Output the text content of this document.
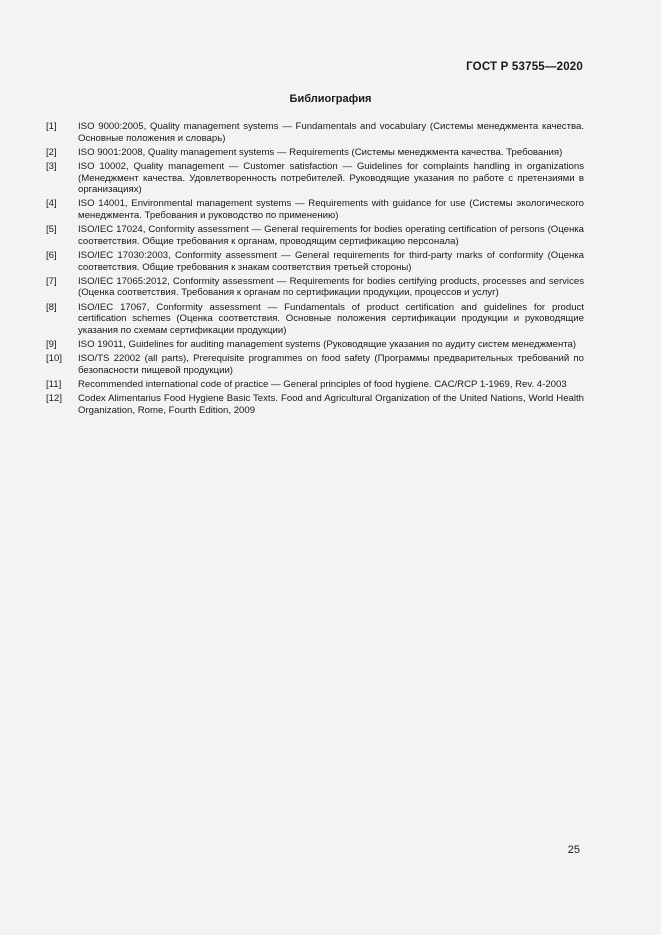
ГОСТ Р 53755—2020
Библиография
[1]	ISO 9000:2005, Quality management systems — Fundamentals and vocabulary (Системы менеджмента качества. Основные положения и словарь)
[2]	ISO 9001:2008, Quality management systems — Requirements (Системы менеджмента качества. Требования)
[3]	ISO 10002, Quality management — Customer satisfaction — Guidelines for complaints handling in organizations (Менеджмент качества. Удовлетворенность потребителей. Руководящие указания по работе с претензиями в организациях)
[4]	ISO 14001, Environmental management systems — Requirements with guidance for use (Системы экологического менеджмента. Требования и руководство по применению)
[5]	ISO/IEC 17024, Conformity assessment — General requirements for bodies operating certification of persons (Оценка соответствия. Общие требования к органам, проводящим сертификацию персонала)
[6]	ISO/IEC 17030:2003, Conformity assessment — General requirements for third-party marks of conformity (Оценка соответствия. Общие требования к знакам соответствия третьей стороны)
[7]	ISO/IEC 17065:2012, Conformity assessment — Requirements for bodies certifying products, processes and services (Оценка соответствия. Требования к органам по сертификации продукции, процессов и услуг)
[8]	ISO/IEC 17067, Conformity assessment — Fundamentals of product certification and guidelines for product certification schemes (Оценка соответствия. Основные положения сертификации продукции и руководящие указания по схемам сертификации продукции)
[9]	ISO 19011, Guidelines for auditing management systems (Руководящие указания по аудиту систем менеджмента)
[10]	ISO/TS 22002 (all parts), Prerequisite programmes on food safety (Программы предварительных требований по безопасности пищевой продукции)
[11]	Recommended international code of practice — General principles of food hygiene. CAC/RCP 1-1969, Rev. 4-2003
[12]	Codex Alimentarius Food Hygiene Basic Texts. Food and Agricultural Organization of the United Nations, World Health Organization, Rome, Fourth Edition, 2009
25
